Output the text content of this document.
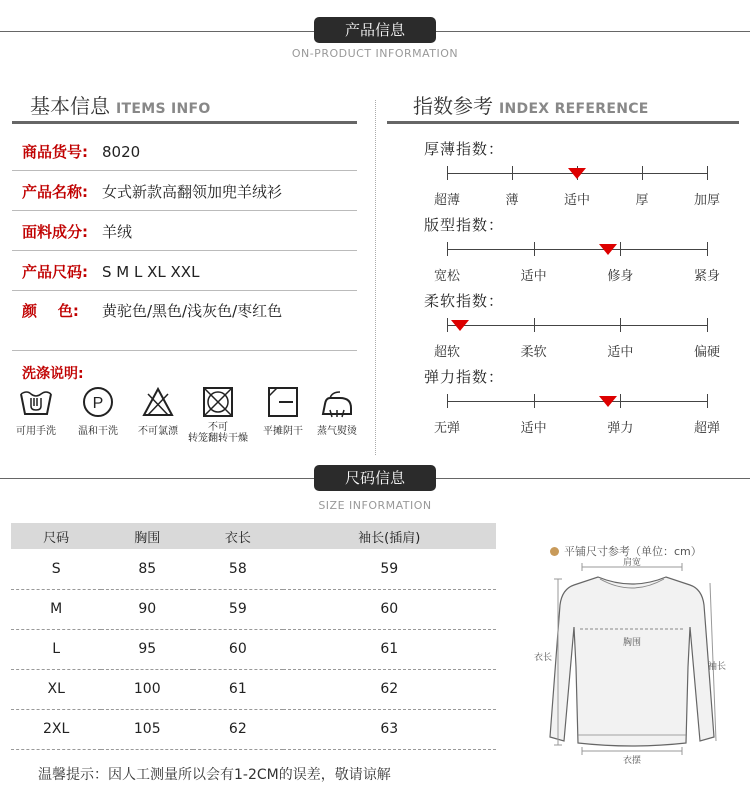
产品信息
ON-PRODUCT INFORMATION
基本信息 ITEMS INFO
商品货号: 8020
产品名称: 女式新款高翻领加兜羊绒衫
面料成分: 羊绒
产品尺码: S M L XL XXL
颜    色: 黄驼色/黑色/浅灰色/枣红色
洗涤说明:
可用手洗
P
温和干洗	不可氯漂	不可
转笼翻转干燥
平摊阴干	蒸气熨烫
指数参考 INDEX REFERENCE
厚薄指数：
超薄	薄	适中	厚	加厚
版型指数：
宽松	适中	修身	紧身
柔软指数：
超软	柔软	适中	偏硬
弹力指数：
无弹	适中	弹力	超弹
尺码信息
SIZE INFORMATION
尺码	胸围	衣长	袖长(插肩)
S	85	58	59
M	90	59	60
L	95	60	61
XL	100	61	62
2XL	105	62	63
温馨提示：因人工测量所以会有1-2CM的误差，敬请谅解
平铺尺寸参考（单位：cm）
肩宽
胸围
衣长
袖长
衣摆
